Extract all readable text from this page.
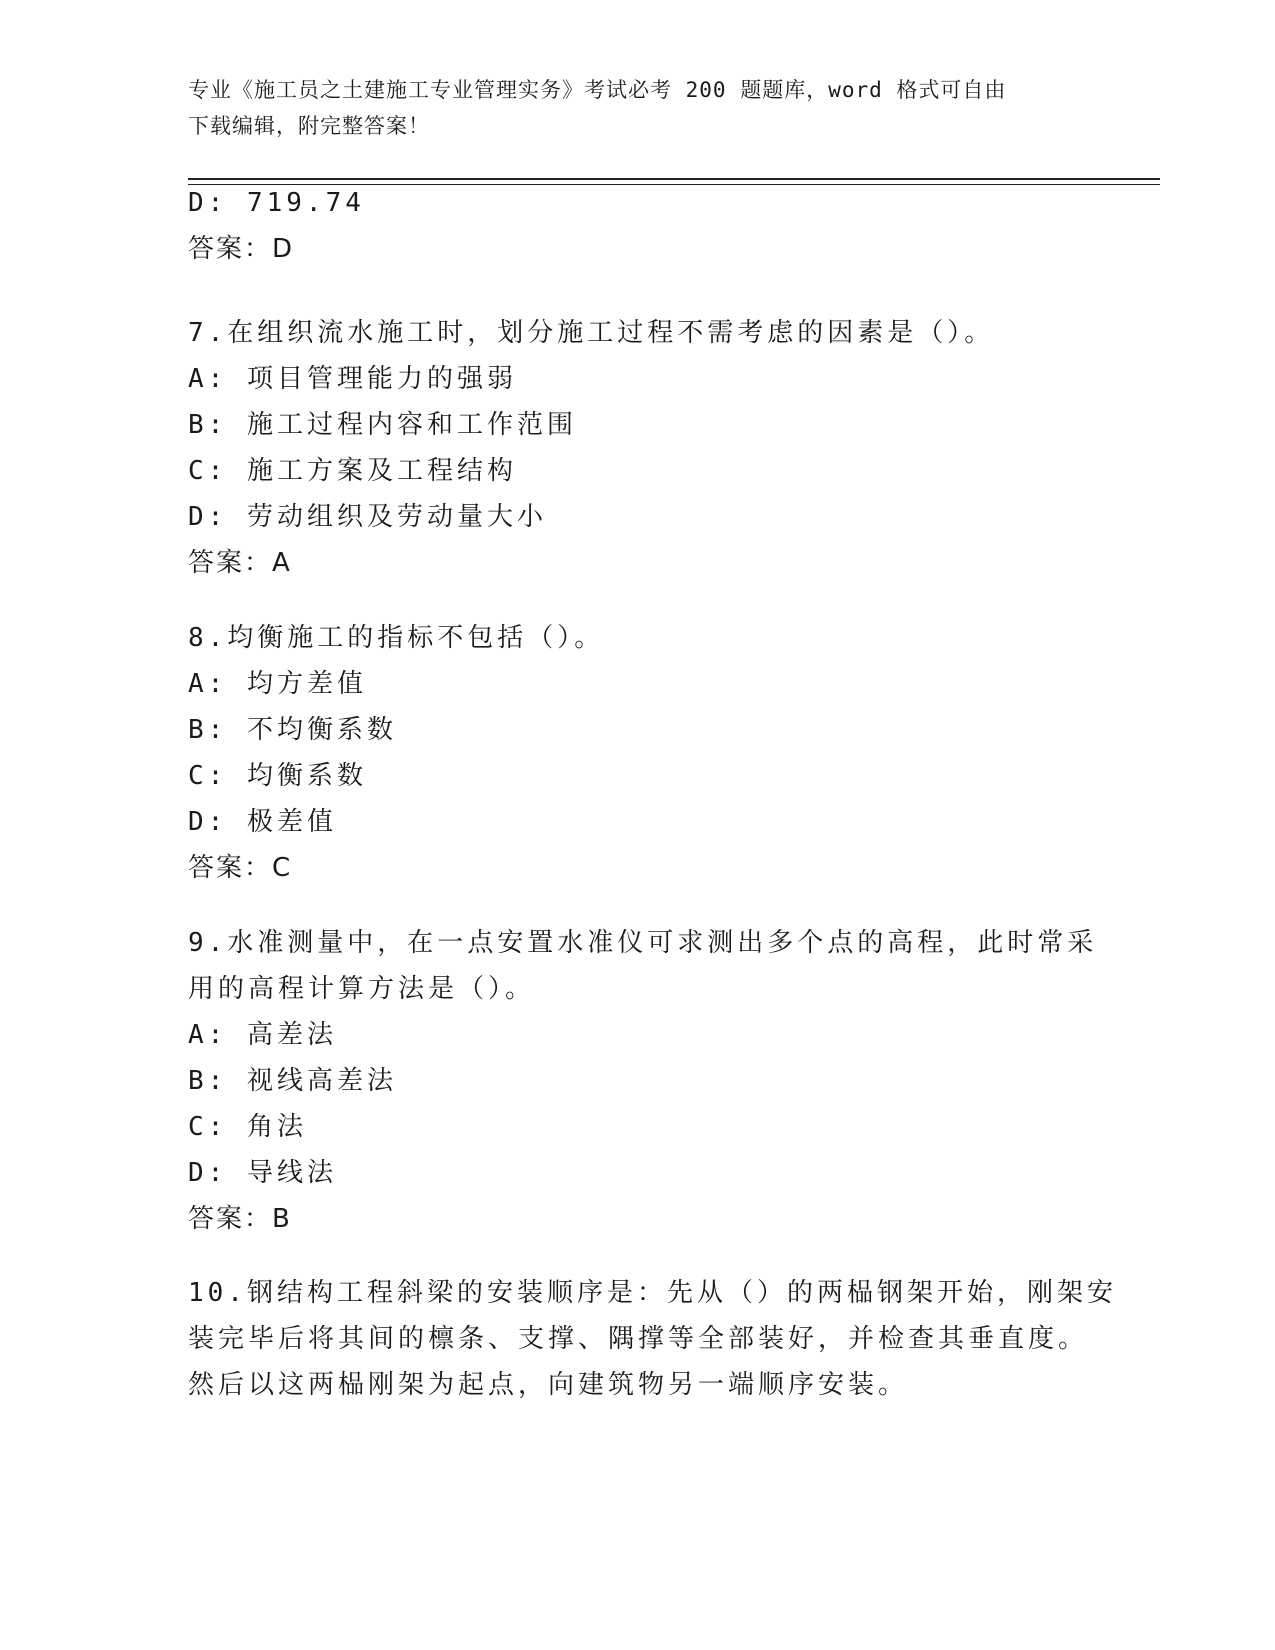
专业《施工员之土建施工专业管理实务》考试必考 200 题题库，word 格式可自由
下载编辑，附完整答案！
D: 719.74
答案：D
7.在组织流水施工时，划分施工过程不需考虑的因素是（）。
A: 项目管理能力的强弱
B: 施工过程内容和工作范围
C: 施工方案及工程结构
D: 劳动组织及劳动量大小
答案：A
8.均衡施工的指标不包括（）。
A: 均方差值
B: 不均衡系数
C: 均衡系数
D: 极差值
答案：C
9.水准测量中，在一点安置水准仪可求测出多个点的高程，此时常采
用的高程计算方法是（）。
A: 高差法
B: 视线高差法
C: 角法
D: 导线法
答案：B
10.钢结构工程斜梁的安装顺序是：先从（）的两榀钢架开始，刚架安
装完毕后将其间的檩条、支撑、隅撑等全部装好，并检查其垂直度。
然后以这两榀刚架为起点，向建筑物另一端顺序安装。
